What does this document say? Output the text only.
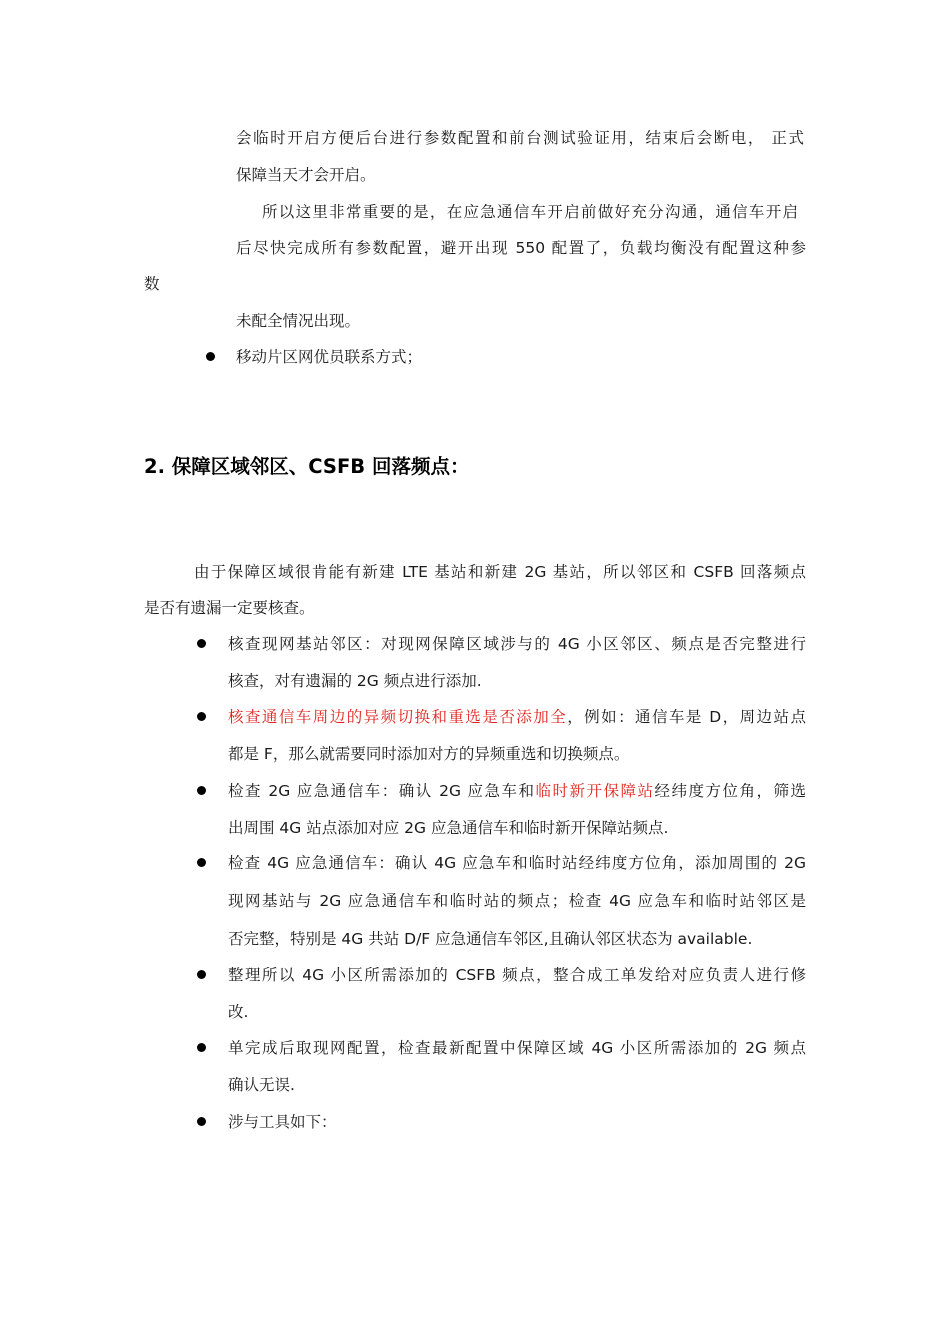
会临时开启方便后台进行参数配置和前台测试验证用，结束后会断电， 正式
保障当天才会开启。
所以这里非常重要的是，在应急通信车开启前做好充分沟通，通信车开启
后尽快完成所有参数配置，避开出现 550 配置了，负载均衡没有配置这种参
数
未配全情况出现。
移动片区网优员联系方式；
2. 保障区域邻区、CSFB 回落频点：
由于保障区域很肯能有新建 LTE 基站和新建 2G 基站，所以邻区和 CSFB 回落频点
是否有遗漏一定要核查。
核查现网基站邻区：对现网保障区域涉与的 4G 小区邻区、频点是否完整进行
核查，对有遗漏的 2G 频点进行添加.
核查通信车周边的异频切换和重选是否添加全，例如：通信车是 D，周边站点
都是 F，那么就需要同时添加对方的异频重选和切换频点。
检查 2G 应急通信车：确认 2G 应急车和临时新开保障站经纬度方位角，筛选
出周围 4G 站点添加对应 2G 应急通信车和临时新开保障站频点.
检查 4G 应急通信车：确认 4G 应急车和临时站经纬度方位角，添加周围的 2G
现网基站与 2G 应急通信车和临时站的频点；检查 4G 应急车和临时站邻区是
否完整，特别是 4G 共站 D/F 应急通信车邻区,且确认邻区状态为 available.
整理所以 4G 小区所需添加的 CSFB 频点，整合成工单发给对应负责人进行修
改.
单完成后取现网配置，检查最新配置中保障区域 4G 小区所需添加的 2G 频点
确认无误.
涉与工具如下：
